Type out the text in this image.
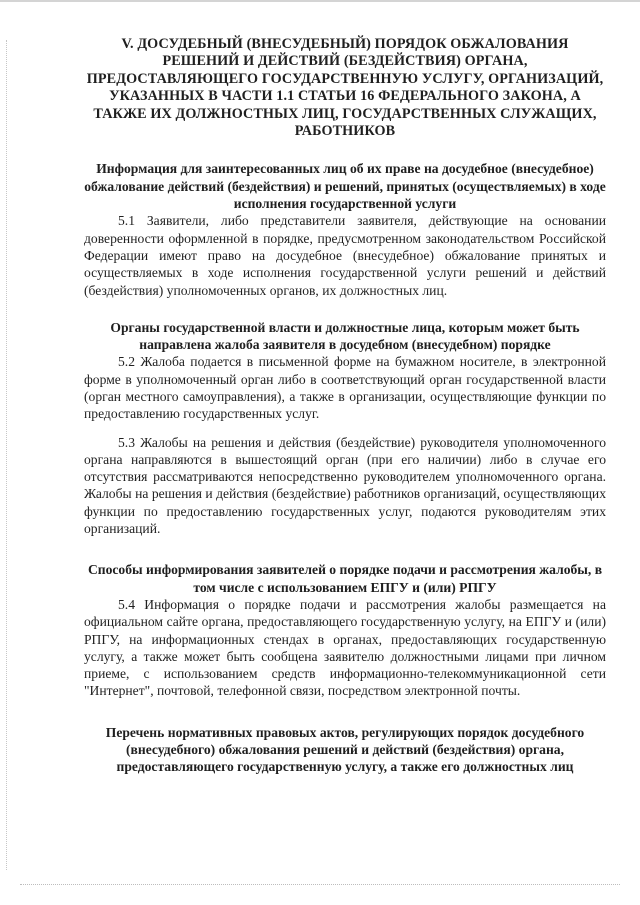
V. ДОСУДЕБНЫЙ (ВНЕСУДЕБНЫЙ) ПОРЯДОК ОБЖАЛОВАНИЯ РЕШЕНИЙ И ДЕЙСТВИЙ (БЕЗДЕЙСТВИЯ) ОРГАНА, ПРЕДОСТАВЛЯЮЩЕГО ГОСУДАРСТВЕННУЮ УСЛУГУ, ОРГАНИЗАЦИЙ, УКАЗАННЫХ В ЧАСТИ 1.1 СТАТЬИ 16 ФЕДЕРАЛЬНОГО ЗАКОНА, А ТАКЖЕ ИХ ДОЛЖНОСТНЫХ ЛИЦ, ГОСУДАРСТВЕННЫХ СЛУЖАЩИХ, РАБОТНИКОВ

Информация для заинтересованных лиц об их праве на досудебное (внесудебное) обжалование действий (бездействия) и решений, принятых (осуществляемых) в ходе исполнения государственной услуги

5.1 Заявители, либо представители заявителя, действующие на основании доверенности оформленной в порядке, предусмотренном законодательством Российской Федерации имеют право на досудебное (внесудебное) обжалование принятых и осуществляемых в ходе исполнения государственной услуги решений и действий (бездействия) уполномоченных органов, их должностных лиц.

Органы государственной власти и должностные лица, которым может быть направлена жалоба заявителя в досудебном (внесудебном) порядке

5.2 Жалоба подается в письменной форме на бумажном носителе, в электронной форме в уполномоченный орган либо в соответствующий орган государственной власти (орган местного самоуправления), а также в организации, осуществляющие функции по предоставлению государственных услуг.

5.3 Жалобы на решения и действия (бездействие) руководителя уполномоченного органа направляются в вышестоящий орган (при его наличии) либо в случае его отсутствия рассматриваются непосредственно руководителем уполномоченного органа. Жалобы на решения и действия (бездействие) работников организаций, осуществляющих функции по предоставлению государственных услуг, подаются руководителям этих организаций.

Способы информирования заявителей о порядке подачи и рассмотрения жалобы, в том числе с использованием ЕПГУ и (или) РПГУ

5.4 Информация о порядке подачи и рассмотрения жалобы размещается на официальном сайте органа, предоставляющего государственную услугу, на ЕПГУ и (или) РПГУ, на информационных стендах в органах, предоставляющих государственную услугу, а также может быть сообщена заявителю должностными лицами при личном приеме, с использованием средств информационно-телекоммуникационной сети "Интернет", почтовой, телефонной связи, посредством электронной почты.

Перечень нормативных правовых актов, регулирующих порядок досудебного (внесудебного) обжалования решений и действий (бездействия) органа, предоставляющего государственную услугу, а также его должностных лиц
